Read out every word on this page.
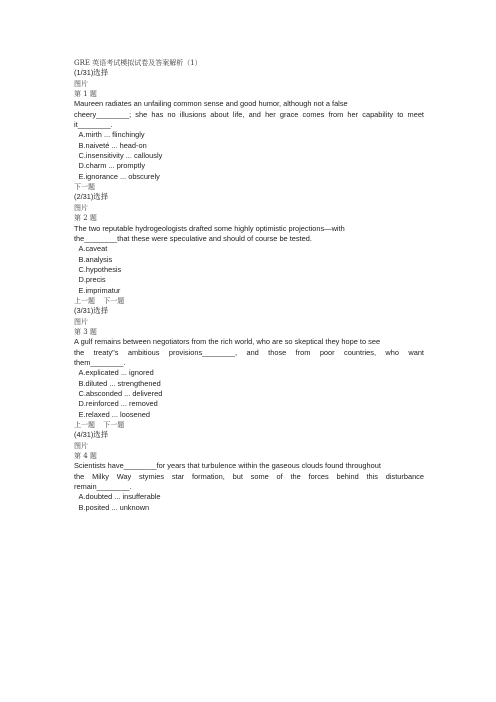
GRE 英语考试模拟试卷及答案解析（1）

(1/31)选择

图片

第 1 题

Maureen radiates an unfailing common sense and good humor, although not a false

cheery________; she has no illusions about life, and her grace comes from her capability to meet

it________.

A.mirth ... flinchingly

B.naiveté ... head-on

C.insensitivity ... callously

D.charm ... promptly

E.ignorance ... obscurely

下一题

(2/31)选择

图片

第 2 题

The two reputable hydrogeologists drafted some highly optimistic projections—with

the________that these were speculative and should of course be tested.

A.caveat

B.analysis

C.hypothesis

D.precis

E.imprimatur

上一题 下一题

(3/31)选择

图片

第 3 题

A gulf remains between negotiators from the rich world, who are so skeptical they hope to see

the treaty"s ambitious provisions________, and those from poor countries, who want

them________.

A.explicated ... ignored

B.diluted ... strengthened

C.absconded ... delivered

D.reinforced ... removed

E.relaxed ... loosened

上一题 下一题

(4/31)选择

图片

第 4 题

Scientists have________for years that turbulence within the gaseous clouds found throughout

the Milky Way stymies star formation, but some of the forces behind this disturbance

remain________.

A.doubted ... insufferable

B.posited ... unknown
